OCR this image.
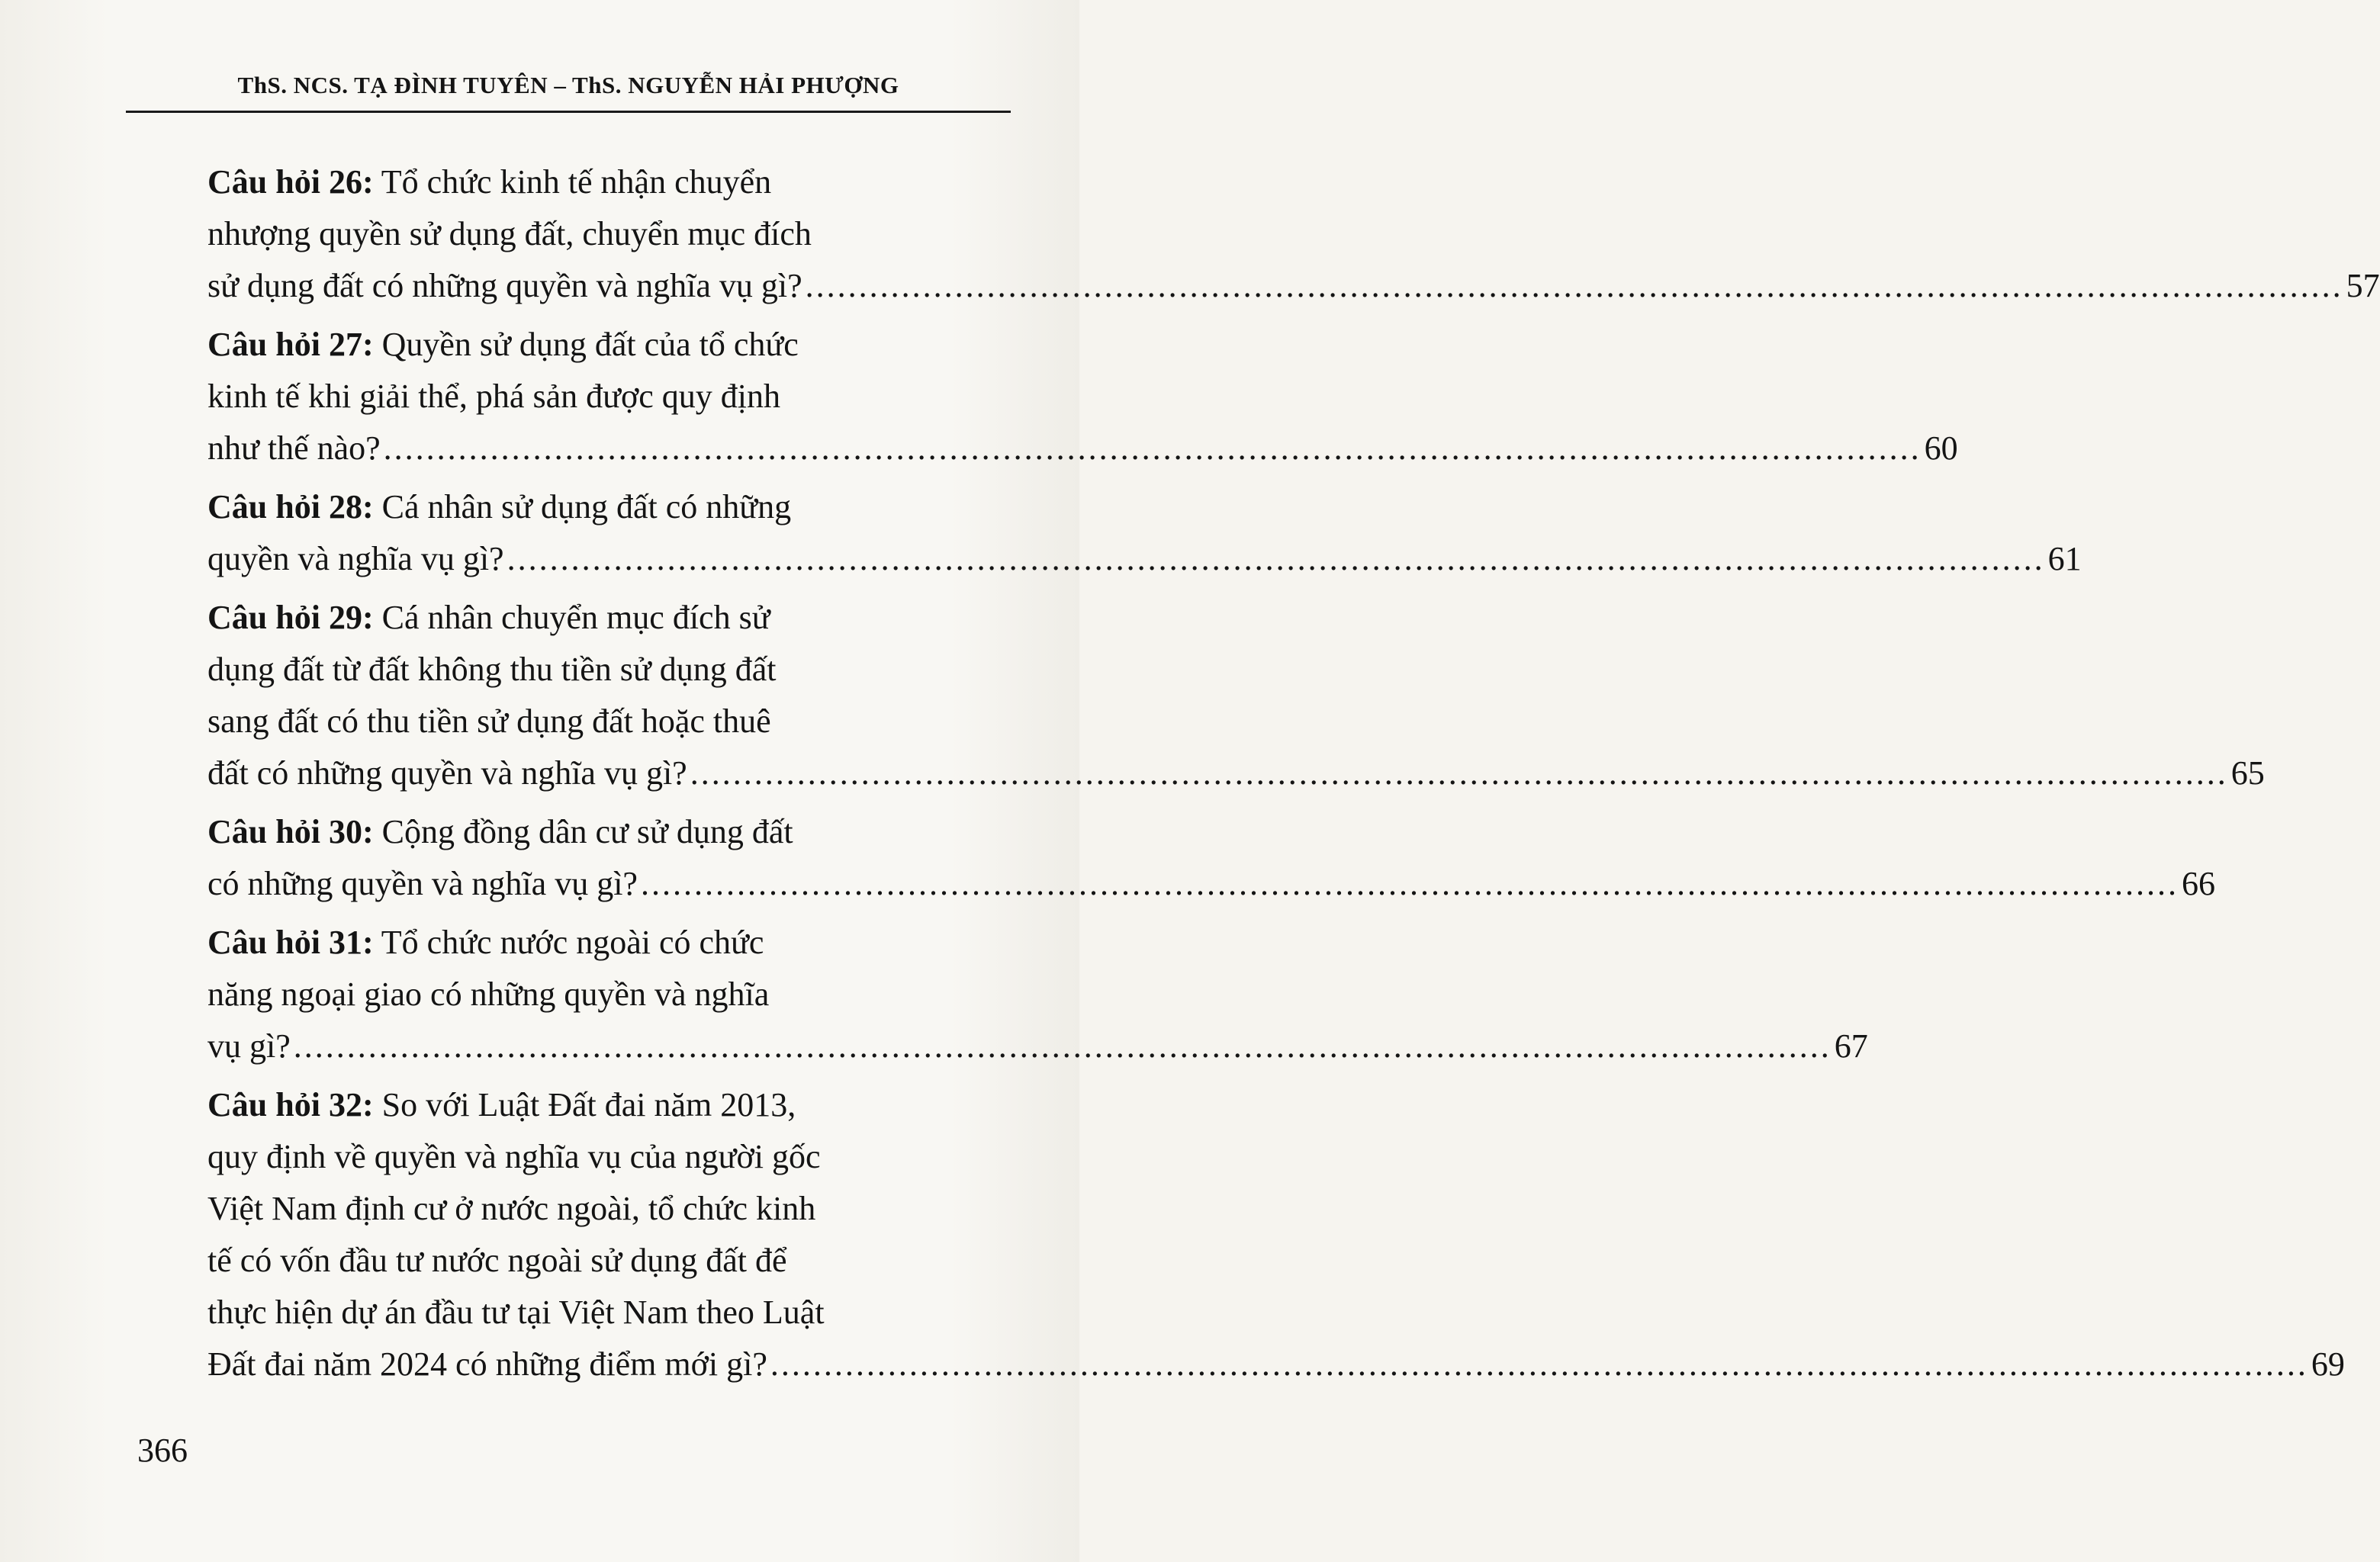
ThS. NCS. TẠ ĐÌNH TUYÊN – ThS. NGUYỄN HẢI PHƯỢNG
Câu hỏi 26: Tổ chức kinh tế nhận chuyển
nhượng quyền sử dụng đất, chuyển mục đích
sử dụng đất có những quyền và nghĩa vụ gì? ................................................................................................................................................ 57
Câu hỏi 27: Quyền sử dụng đất của tổ chức
kinh tế khi giải thể, phá sản được quy định
như thế nào? ................................................................................................................................................ 60
Câu hỏi 28: Cá nhân sử dụng đất có những
quyền và nghĩa vụ gì? ................................................................................................................................................ 61
Câu hỏi 29: Cá nhân chuyển mục đích sử
dụng đất từ đất không thu tiền sử dụng đất
sang đất có thu tiền sử dụng đất hoặc thuê
đất có những quyền và nghĩa vụ gì? ................................................................................................................................................ 65
Câu hỏi 30: Cộng đồng dân cư sử dụng đất
có những quyền và nghĩa vụ gì? ................................................................................................................................................ 66
Câu hỏi 31: Tổ chức nước ngoài có chức
năng ngoại giao có những quyền và nghĩa
vụ gì? ................................................................................................................................................ 67
Câu hỏi 32: So với Luật Đất đai năm 2013,
quy định về quyền và nghĩa vụ của người gốc
Việt Nam định cư ở nước ngoài, tổ chức kinh
tế có vốn đầu tư nước ngoài sử dụng đất để
thực hiện dự án đầu tư tại Việt Nam theo Luật
Đất đai năm 2024 có những điểm mới gì? ................................................................................................................................................ 69
366
